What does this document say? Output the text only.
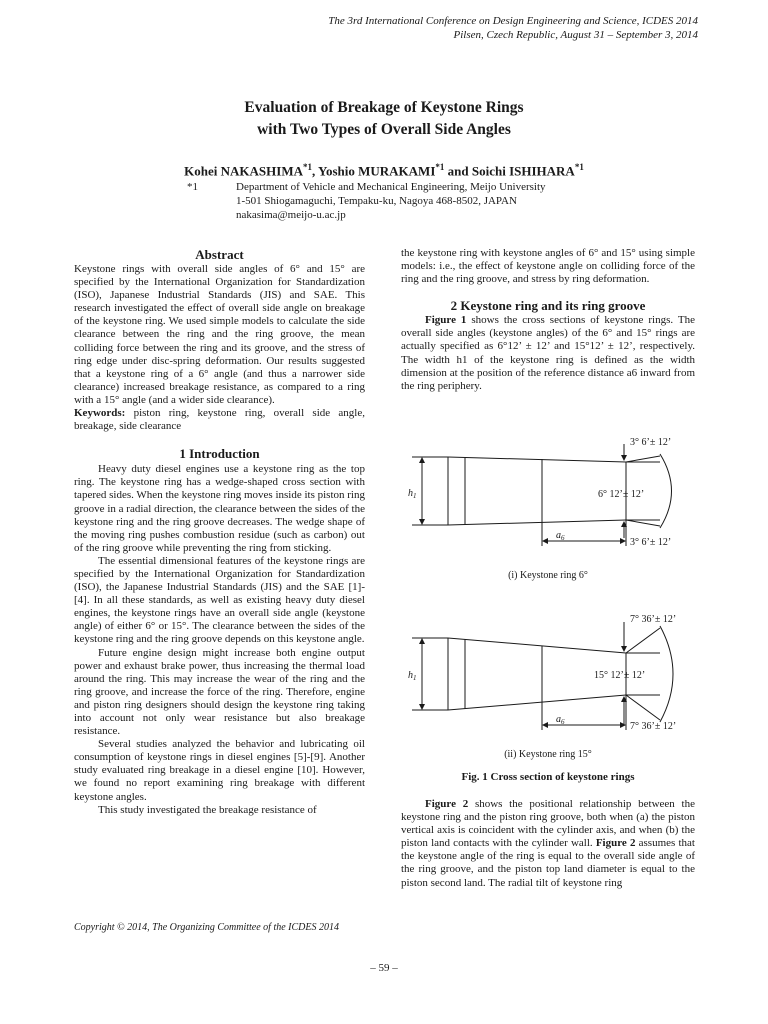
The 3rd International Conference on Design Engineering and Science, ICDES 2014
Pilsen, Czech Republic, August 31 – September 3, 2014
Evaluation of Breakage of Keystone Rings
with Two Types of Overall Side Angles
Kohei NAKASHIMA$^{*1}$, Yoshio MURAKAMI$^{*1}$ and Soichi ISHIHARA$^{*1}$
*1	Department of Vehicle and Mechanical Engineering, Meijo University
1-501 Shiogamaguchi, Tempaku-ku, Nagoya 468-8502, JAPAN
nakasima@meijo-u.ac.jp
Abstract

Keystone rings with overall side angles of 6° and 15° are specified by the International Organization for Standardization (ISO), Japanese Industrial Standards (JIS) and SAE. This research investigated the effect of overall side angle on breakage of the keystone ring. We used simple models to calculate the side clearance between the ring and the ring groove, the mean colliding force between the ring and its groove, and the stress of ring edge under disc-spring deformation. Our results suggested that a keystone ring of a 6° angle (and thus a narrower side clearance) increased breakage resistance, as compared to a ring with a 15° angle (and a wider side clearance).

Keywords: piston ring, keystone ring, overall side angle, breakage, side clearance

1 Introduction

Heavy duty diesel engines use a keystone ring as the top ring. The keystone ring has a wedge-shaped cross section with tapered sides. When the keystone ring moves inside its piston ring groove in a radial direction, the clearance between the sides of the keystone ring and the ring groove decreases. The wedge shape of the moving ring pushes combustion residue (such as carbon) out of the ring groove while preventing the ring from sticking.

The essential dimensional features of the keystone rings are specified by the International Organization for Standardization (ISO), the Japanese Industrial Standards (JIS) and the SAE [1]-[4]. In all these standards, as well as existing heavy duty diesel engines, the keystone rings have an overall side angle (keystone angle) of either 6° or 15°. The clearance between the sides of the keystone ring and the ring groove depends on this keystone angle.

Future engine design might increase both engine output power and exhaust brake power, thus increasing the thermal load around the ring. This may increase the wear of the ring and the ring groove, and increase the force of the ring. Therefore, engine and piston ring designers should design the keystone ring taking into account not only wear resistance but also breakage resistance.

Several studies analyzed the behavior and lubricating oil consumption of keystone rings in diesel engines [5]-[9]. Another study evaluated ring breakage in a diesel engine [10]. However, we found no report examining ring breakage with different keystone angles.

This study investigated the breakage resistance of

the keystone ring with keystone angles of 6° and 15° using simple models: i.e., the effect of keystone angle on colliding force of the ring and the ring groove, and stress by ring deformation.

2 Keystone ring and its ring groove

Figure 1 shows the cross sections of keystone rings. The overall side angles (keystone angles) of the 6° and 15° rings are actually specified as 6°12’ ± 12’ and 15°12’ ± 12’, respectively. The width h1 of the keystone ring is defined as the width dimension at the position of the reference distance a6 inward from the ring periphery.

3° 6’± 12’
6° 12’± 12’
3° 6’± 12’
$h_1$
$a_6$
(i) Keystone ring 6°
7° 36’± 12’
15° 12’± 12’
7° 36’± 12’
$h_1$
$a_6$
(ii) Keystone ring 15°
Fig. 1 Cross section of keystone rings

Figure 2 shows the positional relationship between the keystone ring and the piston ring groove, both when (a) the piston vertical axis is coincident with the cylinder axis, and when (b) the piston land contacts with the cylinder wall. Figure 2 assumes that the keystone angle of the ring is equal to the overall side angle of the ring groove, and the piston top land diameter is equal to the piston second land. The radial tilt of keystone ring

Copyright © 2014, The Organizing Committee of the ICDES 2014
– 59 –
